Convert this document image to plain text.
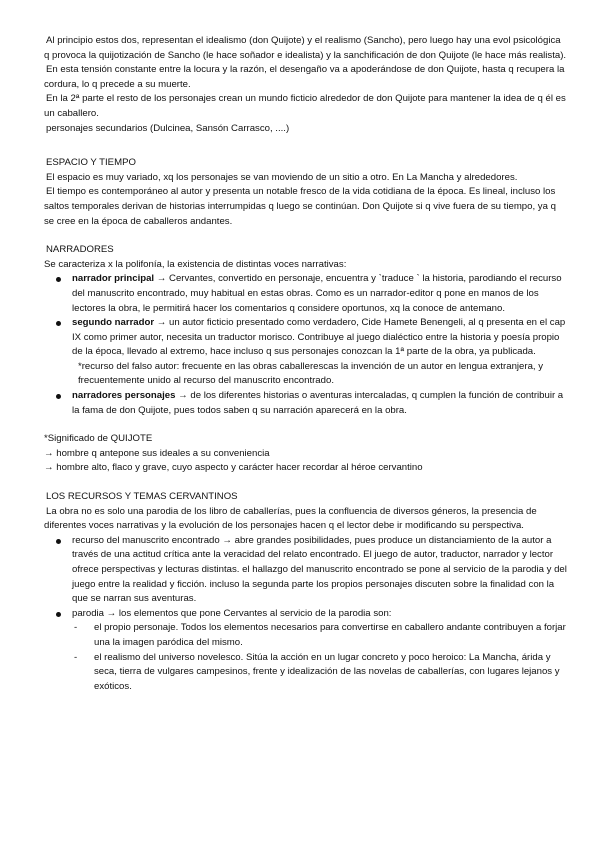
Al principio estos dos, representan el idealismo (don Quijote) y el realismo (Sancho), pero luego hay una evol psicológica q provoca la quijotización de Sancho (le hace soñador e idealista) y la sanchificación de don Quijote (le hace más realista).

En esta tensión constante entre la locura y la razón, el desengaño va a apoderándose de don Quijote, hasta q recupera la cordura, lo q precede a su muerte.

En la 2ª parte el resto de los personajes crean un mundo ficticio alrededor de don Quijote para mantener la idea de q él es un caballero.

personajes secundarios (Dulcinea, Sansón Carrasco, ....)

ESPACIO Y TIEMPO

El espacio es muy variado, xq los personajes se van moviendo de un sitio a otro. En La Mancha y alrededores.

El tiempo es contemporáneo al autor y presenta un notable fresco de la vida cotidiana de la época. Es lineal, incluso los saltos temporales derivan de historias interrumpidas q luego se continúan. Don Quijote si q vive fuera de su tiempo, ya q se cree en la época de caballeros andantes.

NARRADORES

Se caracteriza x la polifonía, la existencia de distintas voces narrativas:

narrador principal → Cervantes, convertido en personaje, encuentra y `traduce ` la historia, parodiando el recurso del manuscrito encontrado, muy habitual en estas obras. Como es un narrador-editor q pone en manos de los lectores la obra, le permitirá hacer los comentarios q considere oportunos, xq la conoce de antemano.
segundo narrador → un autor ficticio presentado como verdadero, Cide Hamete Benengeli, al q presenta en el cap IX como primer autor, necesita un traductor morisco. Contribuye al juego dialéctico entre la historia y poesía propio de la época, llevado al extremo, hace incluso q sus personajes conozcan la 1ª parte de la obra, ya publicada.

*recurso del falso autor: frecuente en las obras caballerescas la invención de un autor en lengua extranjera, y frecuentemente unido al recurso del manuscrito encontrado.

narradores personajes → de los diferentes historias o aventuras intercaladas, q cumplen la función de contribuir a la fama de don Quijote, pues todos saben q su narración aparecerá en la obra.

*Significado de QUIJOTE

→ hombre q antepone sus ideales a su conveniencia

→ hombre alto, flaco y grave, cuyo aspecto y carácter hacer recordar al héroe cervantino

LOS RECURSOS Y TEMAS CERVANTINOS

La obra no es solo una parodia de los libro de caballerías, pues la confluencia de diversos géneros, la presencia de diferentes voces narrativas y la evolución de los personajes hacen q el lector debe ir modificando su perspectiva.

recurso del manuscrito encontrado → abre grandes posibilidades, pues produce un distanciamiento de la autor a través de una actitud crítica ante la veracidad del relato encontrado. El juego de autor, traductor, narrador y lector ofrece perspectivas y lecturas distintas. el hallazgo del manuscrito encontrado se pone al servicio de la parodia y del juego entre la realidad y ficción. incluso la segunda parte los propios personajes discuten sobre la finalidad con la que se narran sus aventuras.
parodia → los elementos que pone Cervantes al servicio de la parodia son:
- el propio personaje. Todos los elementos necesarios para convertirse en caballero andante contribuyen a forjar una la imagen paródica del mismo.
- el realismo del universo novelesco. Sitúa la acción en un lugar concreto y poco heroico: La Mancha, árida y seca, tierra de vulgares campesinos, frente y idealización de las novelas de caballerías, con lugares lejanos y exóticos.
